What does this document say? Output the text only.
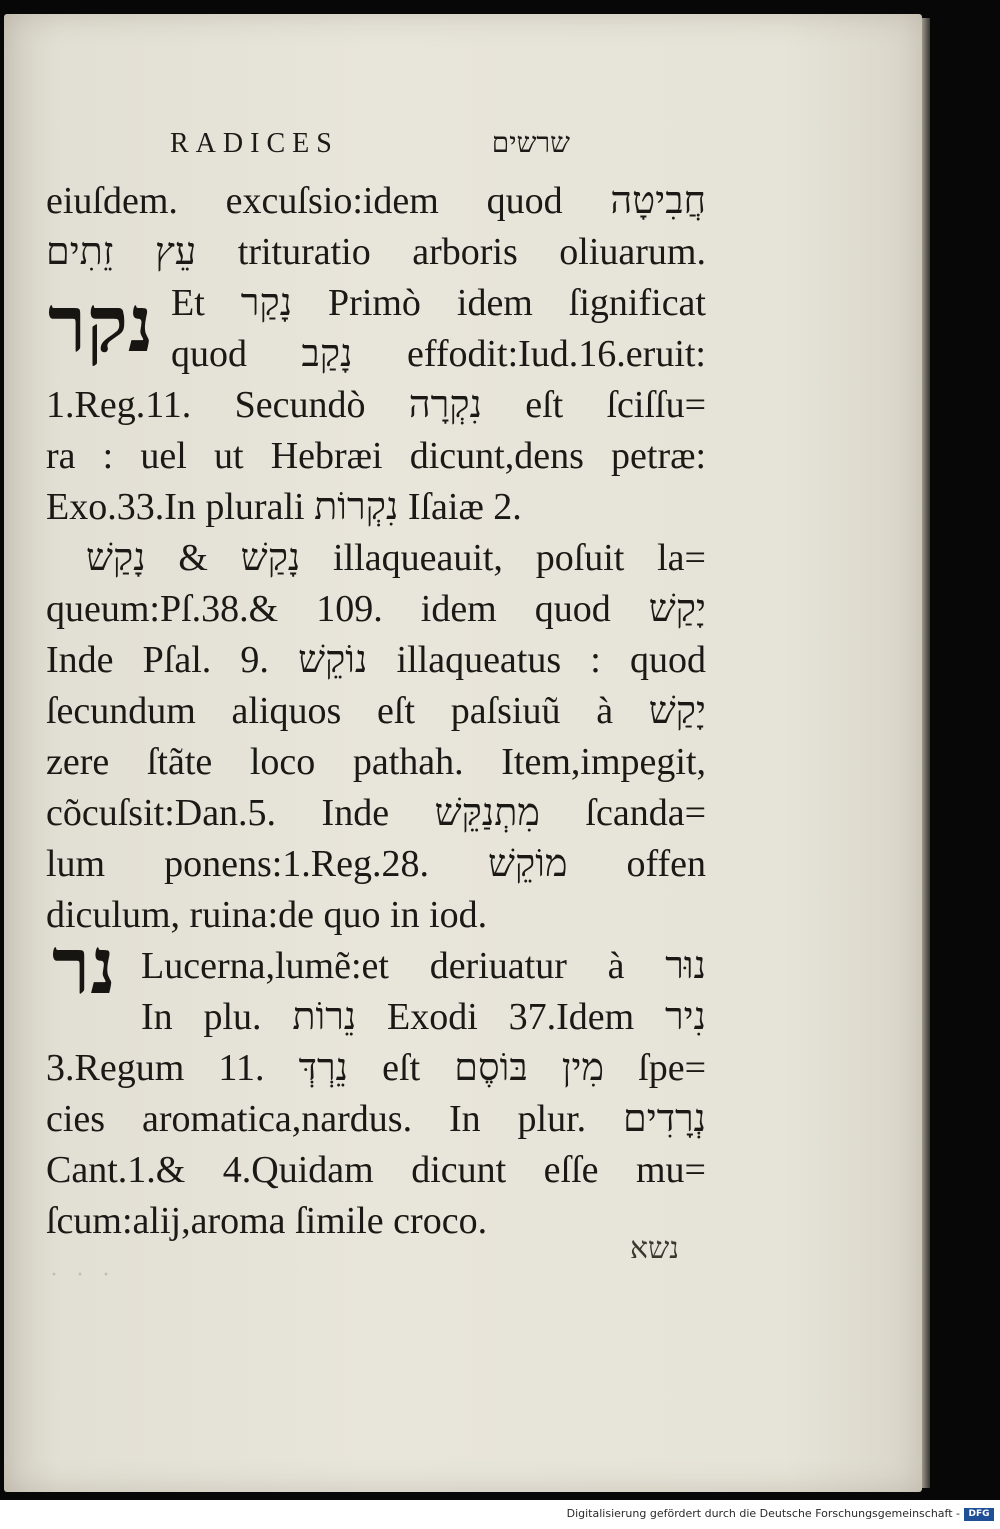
RADICES	שרשים
נקר
נר
eiuſdem. excuſsio:idem quod חֲבִיטָה
עֵץ זֵתִים trituratio arboris oliuarum.
Et נָקַר Primò idem ſignificat
quod נָקַב effodit:Iud.16.eruit:
1.Reg.11. Secundò נִקְרָה eſt ſciſſu=
ra : uel ut Hebræi dicunt,dens petræ:
Exo.33.In plurali נִקְרוֹת Iſaiæ 2.
נָקַשׁ & נָקַשׁ illaqueauit, poſuit la=
queum:Pſ.38.& 109. idem quod יָקַשׁ
Inde Pſal. 9. נוֹקֵשׁ illaqueatus : quod
ſecundum aliquos eſt paſsiuũ à יָקַשׁ
zere ſtãte loco pathah. Item,impegit,
cõcuſsit:Dan.5. Inde מִתְנַקֵּשׁ ſcanda=
lum ponens:1.Reg.28. מוֹקֵשׁ offen
diculum, ruina:de quo in iod.
Lucerna,lumẽ:et deriuatur à נוּר
In plu. נֵרוֹת Exodi 37.Idem נִיר
3.Regum 11. נֵרְדְּ eſt מִין בּוֹסֶם ſpe=
cies aromatica,nardus. In plur. נְרָדִים
Cant.1.& 4.Quidam dicunt eſſe mu=
ſcum:alij,aroma ſimile croco.
נשא
· · ·
Digitalisierung gefördert durch die Deutsche Forschungsgemeinschaft - DFG
